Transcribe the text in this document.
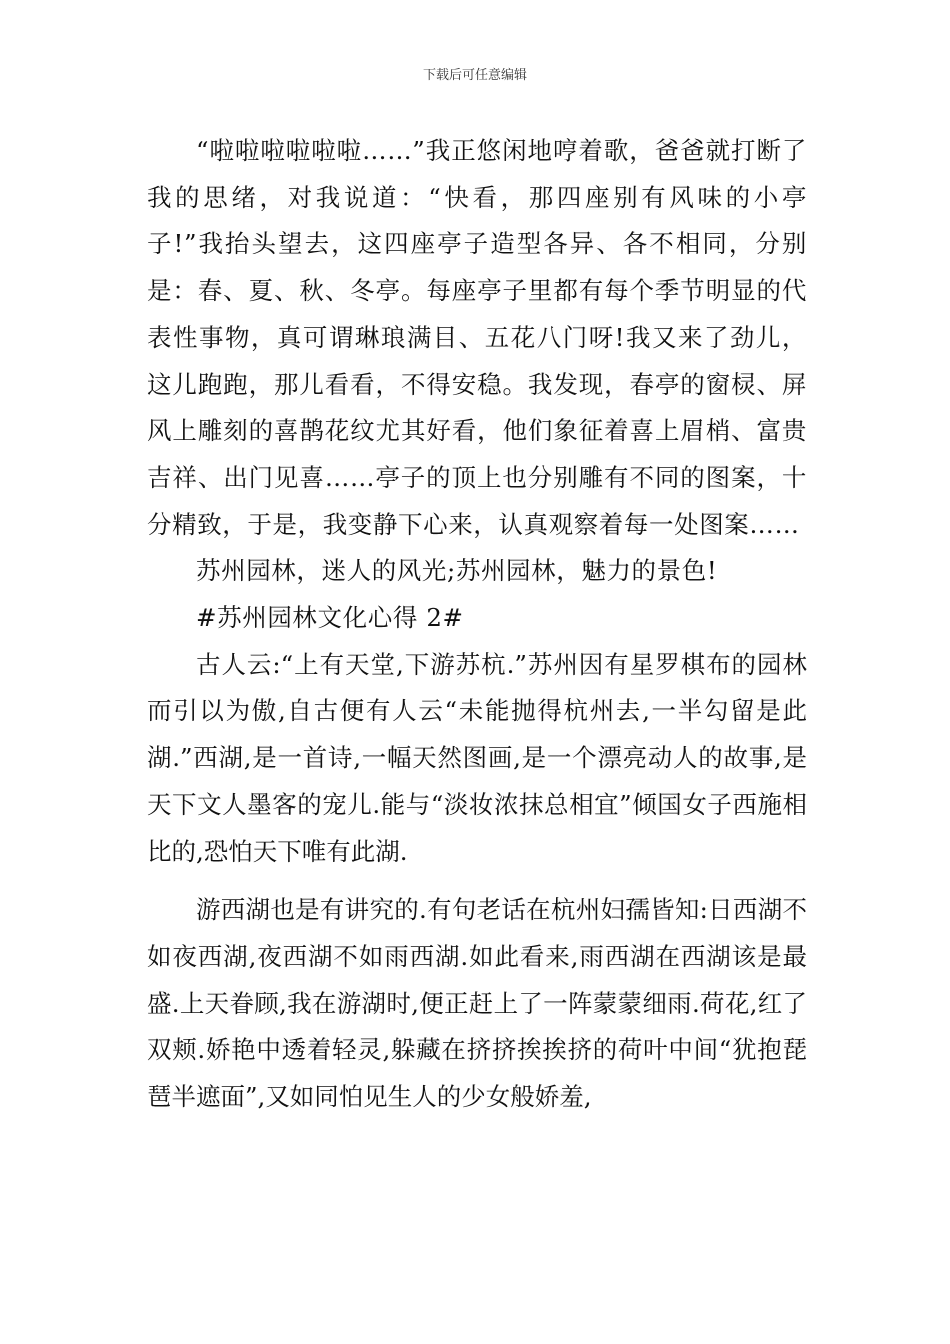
下载后可任意编辑

“啦啦啦啦啦啦……”我正悠闲地哼着歌，爸爸就打断了我的思绪，对我说道：“快看，那四座别有风味的小亭子!”我抬头望去，这四座亭子造型各异、各不相同，分别是：春、夏、秋、冬亭。每座亭子里都有每个季节明显的代表性事物，真可谓琳琅满目、五花八门呀!我又来了劲儿，这儿跑跑，那儿看看，不得安稳。我发现，春亭的窗棂、屏风上雕刻的喜鹊花纹尤其好看，他们象征着喜上眉梢、富贵吉祥、出门见喜……亭子的顶上也分别雕有不同的图案，十分精致，于是，我变静下心来，认真观察着每一处图案……

苏州园林，迷人的风光;苏州园林，魅力的景色!

#苏州园林文化心得 2#

古人云:“上有天堂,下游苏杭.”苏州因有星罗棋布的园林而引以为傲,自古便有人云“未能抛得杭州去,一半勾留是此湖.”西湖,是一首诗,一幅天然图画,是一个漂亮动人的故事,是天下文人墨客的宠儿.能与“淡妆浓抹总相宜”倾国女子西施相比的,恐怕天下唯有此湖.

游西湖也是有讲究的.有句老话在杭州妇孺皆知:日西湖不如夜西湖,夜西湖不如雨西湖.如此看来,雨西湖在西湖该是最盛.上天眷顾,我在游湖时,便正赶上了一阵蒙蒙细雨.荷花,红了双颊.娇艳中透着轻灵,躲藏在挤挤挨挨挤的荷叶中间“犹抱琵琶半遮面”,又如同怕见生人的少女般娇羞,
